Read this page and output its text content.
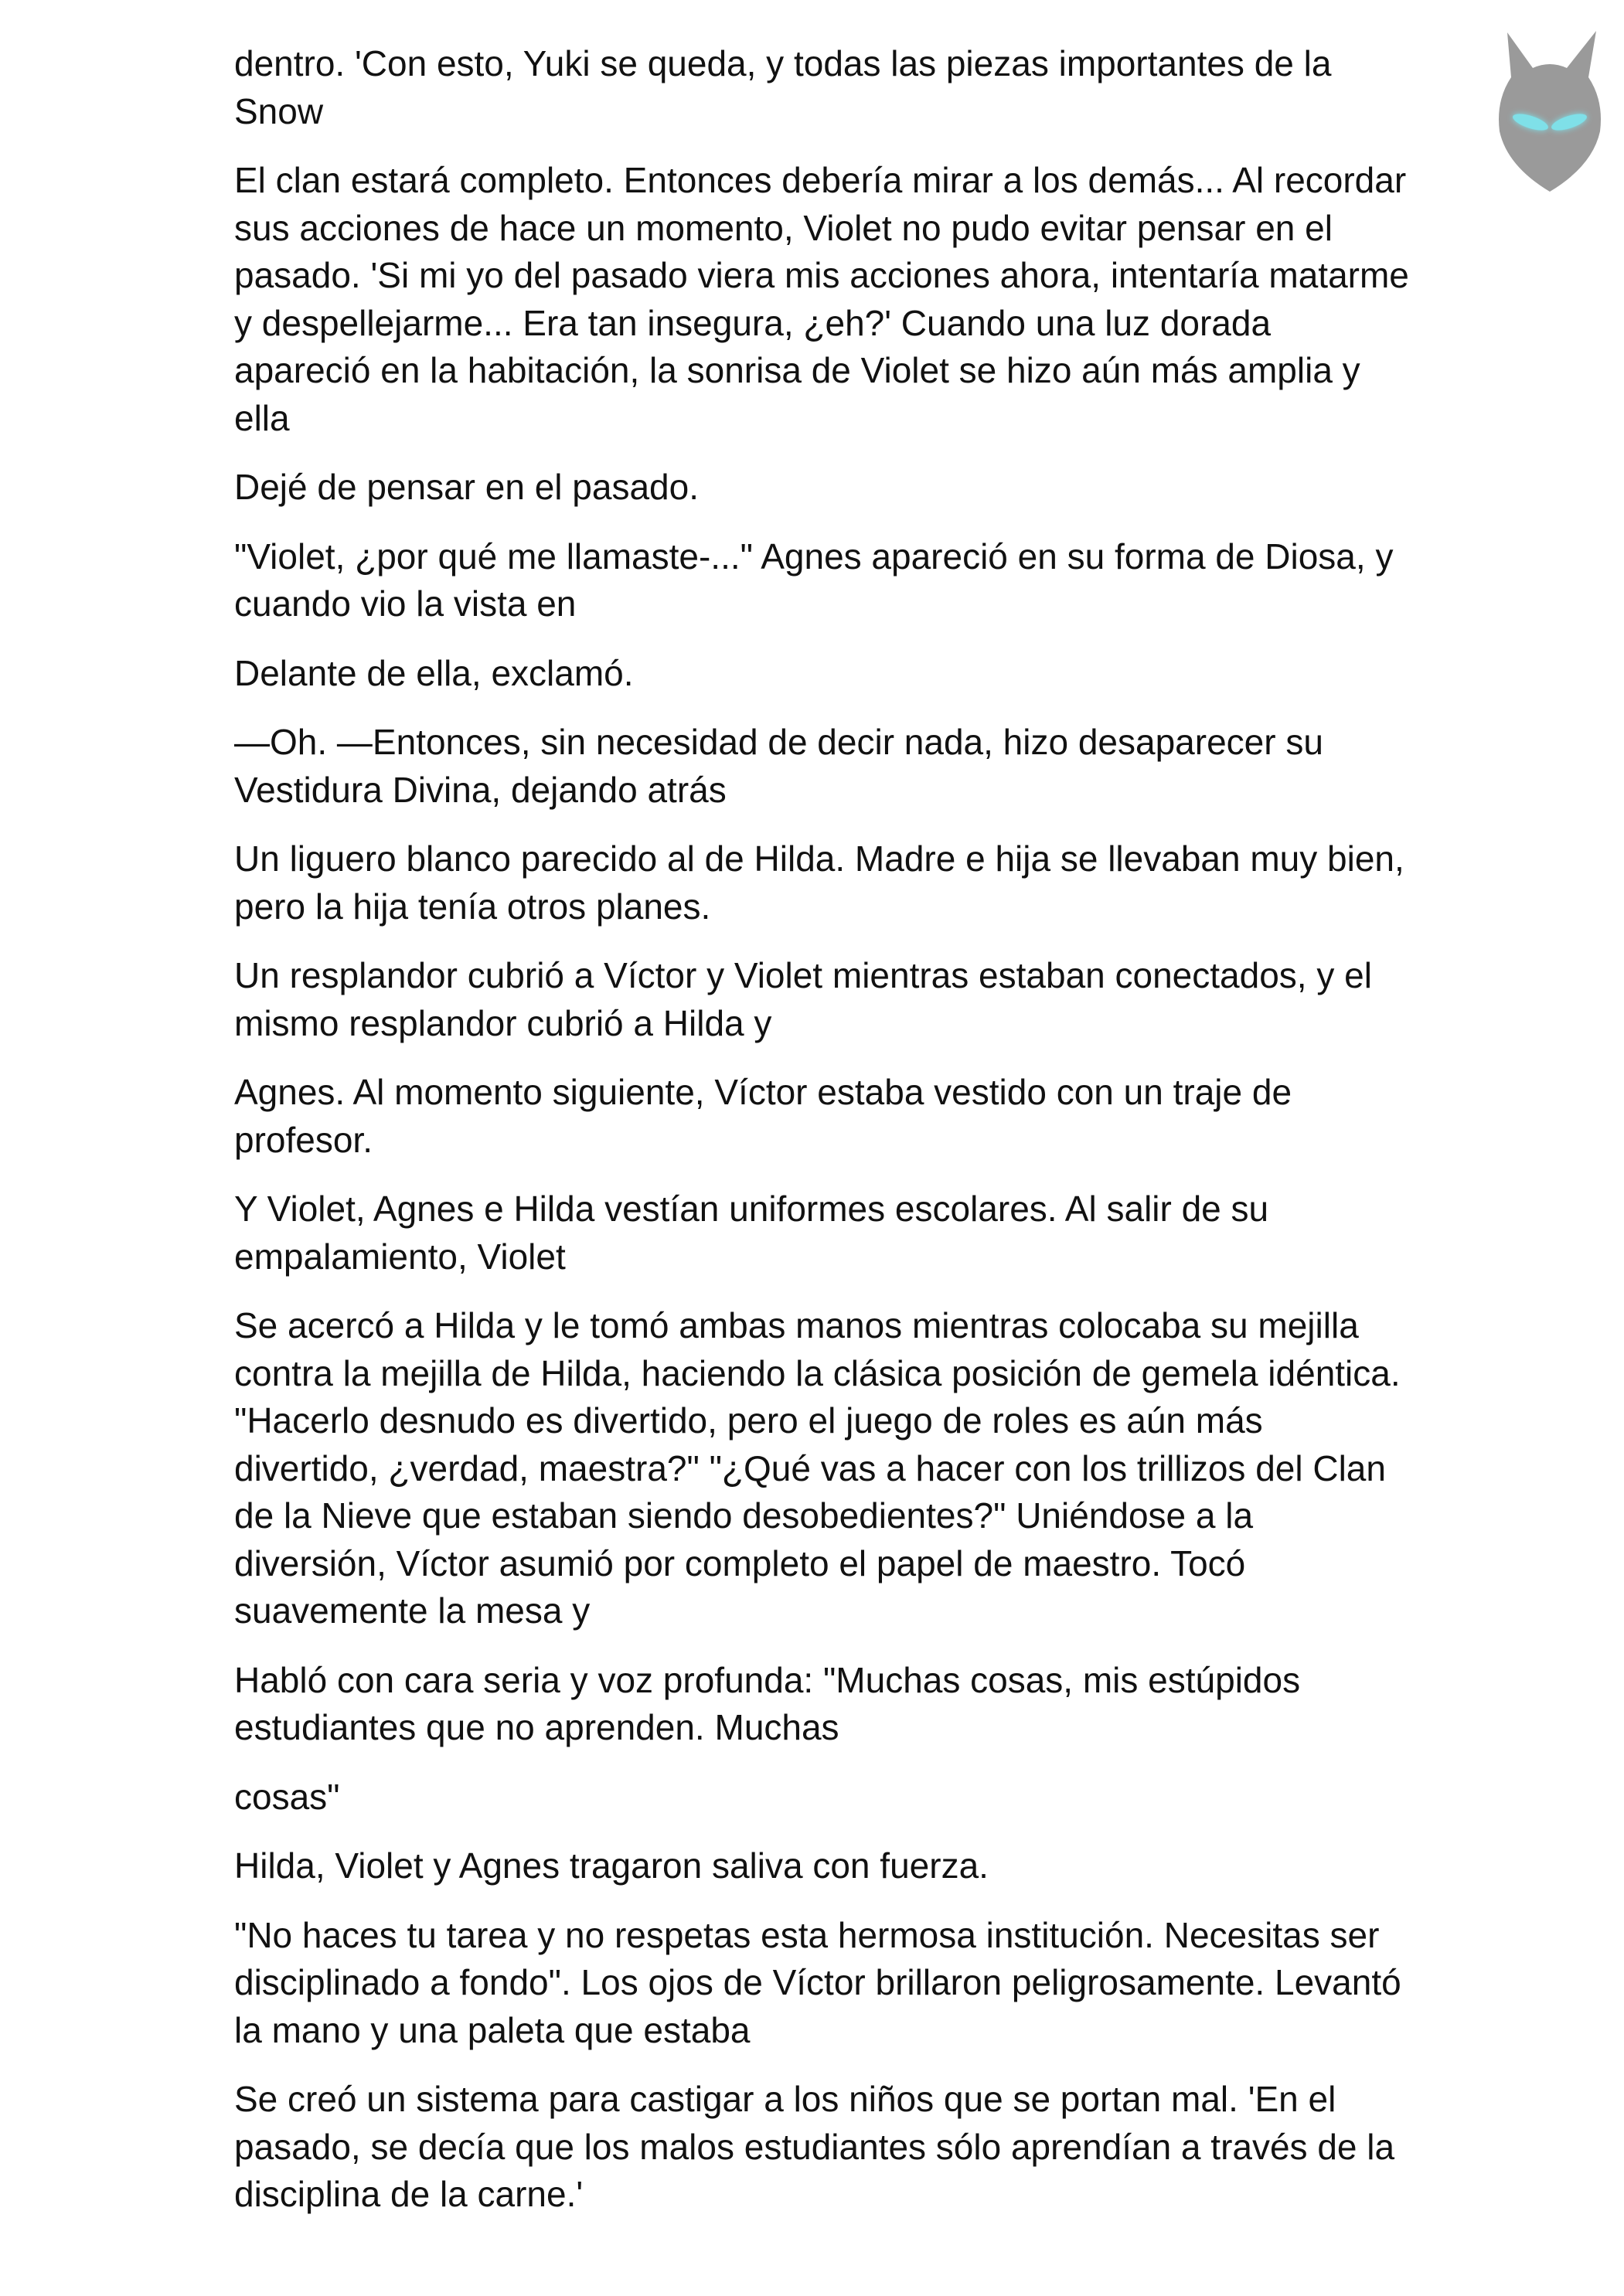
dentro. 'Con esto, Yuki se queda, y todas las piezas importantes de la Snow

El clan estará completo. Entonces debería mirar a los demás... Al recordar sus acciones de hace un momento, Violet no pudo evitar pensar en el pasado. 'Si mi yo del pasado viera mis acciones ahora, intentaría matarme y despellejarme... Era tan insegura, ¿eh?' Cuando una luz dorada apareció en la habitación, la sonrisa de Violet se hizo aún más amplia y ella

Dejé de pensar en el pasado.

"Violet, ¿por qué me llamaste-..." Agnes apareció en su forma de Diosa, y cuando vio la vista en

Delante de ella, exclamó.

—Oh. —Entonces, sin necesidad de decir nada, hizo desaparecer su Vestidura Divina, dejando atrás

Un liguero blanco parecido al de Hilda. Madre e hija se llevaban muy bien, pero la hija tenía otros planes.

Un resplandor cubrió a Víctor y Violet mientras estaban conectados, y el mismo resplandor cubrió a Hilda y

Agnes. Al momento siguiente, Víctor estaba vestido con un traje de profesor.

Y Violet, Agnes e Hilda vestían uniformes escolares. Al salir de su empalamiento, Violet

Se acercó a Hilda y le tomó ambas manos mientras colocaba su mejilla contra la mejilla de Hilda, haciendo la clásica posición de gemela idéntica. "Hacerlo desnudo es divertido, pero el juego de roles es aún más divertido, ¿verdad, maestra?" "¿Qué vas a hacer con los trillizos del Clan de la Nieve que estaban siendo desobedientes?" Uniéndose a la diversión, Víctor asumió por completo el papel de maestro. Tocó suavemente la mesa y

Habló con cara seria y voz profunda: "Muchas cosas, mis estúpidos estudiantes que no aprenden. Muchas

cosas"

Hilda, Violet y Agnes tragaron saliva con fuerza.

"No haces tu tarea y no respetas esta hermosa institución. Necesitas ser disciplinado a fondo". Los ojos de Víctor brillaron peligrosamente. Levantó la mano y una paleta que estaba

Se creó un sistema para castigar a los niños que se portan mal. 'En el pasado, se decía que los malos estudiantes sólo aprendían a través de la disciplina de la carne.'
